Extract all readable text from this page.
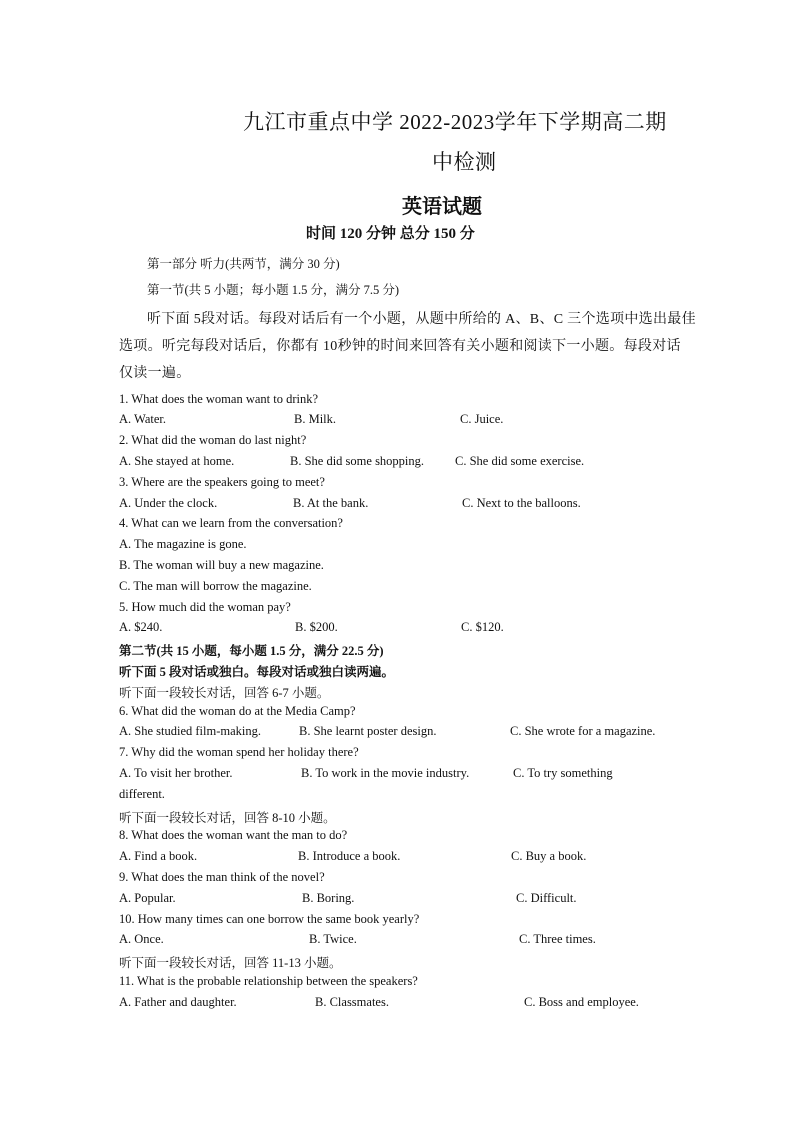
九江市重点中学 2022-2023学年下学期高二期
中检测
英语试题
时间 120 分钟 总分 150 分
第一部分 听力(共两节，满分 30 分)
第一节(共 5 小题；每小题 1.5 分，满分 7.5 分)
听下面 5段对话。每段对话后有一个小题，从题中所给的 A、B、C 三个选项中选出最佳
选项。听完每段对话后，你都有 10秒钟的时间来回答有关小题和阅读下一小题。每段对话
仅读一遍。
1. What does the woman want to drink?
A. Water.	B. Milk.	C. Juice.
2. What did the woman do last night?
A. She stayed at home.	B. She did some shopping. C. She did some exercise.
3. Where are the speakers going to meet?
A. Under the clock.	B. At the bank.	C. Next to the balloons.
4. What can we learn from the conversation?
A. The magazine is gone.
B. The woman will buy a new magazine.
C. The man will borrow the magazine.
5. How much did the woman pay?
A. $240.	B. $200.	C. $120.
第二节(共 15 小题，每小题 1.5 分，满分 22.5 分)
听下面 5 段对话或独白。每段对话或独白读两遍。
听下面一段较长对话，回答 6-7 小题。
6. What did the woman do at the Media Camp?
A. She studied film-making.	B. She learnt poster design.	C. She wrote for a magazine.
7. Why did the woman spend her holiday there?
A. To visit her brother.	B. To work in the movie industry.	C. To try something
different.
听下面一段较长对话，回答 8-10 小题。
8. What does the woman want the man to do?
A. Find a book.	B. Introduce a book.	C. Buy a book.
9. What does the man think of the novel?
A. Popular.	B. Boring.	C. Difficult.
10. How many times can one borrow the same book yearly?
A. Once.	B. Twice.	C. Three times.
听下面一段较长对话，回答 11-13 小题。
11. What is the probable relationship between the speakers?
A. Father and daughter.	B. Classmates.	C. Boss and employee.
